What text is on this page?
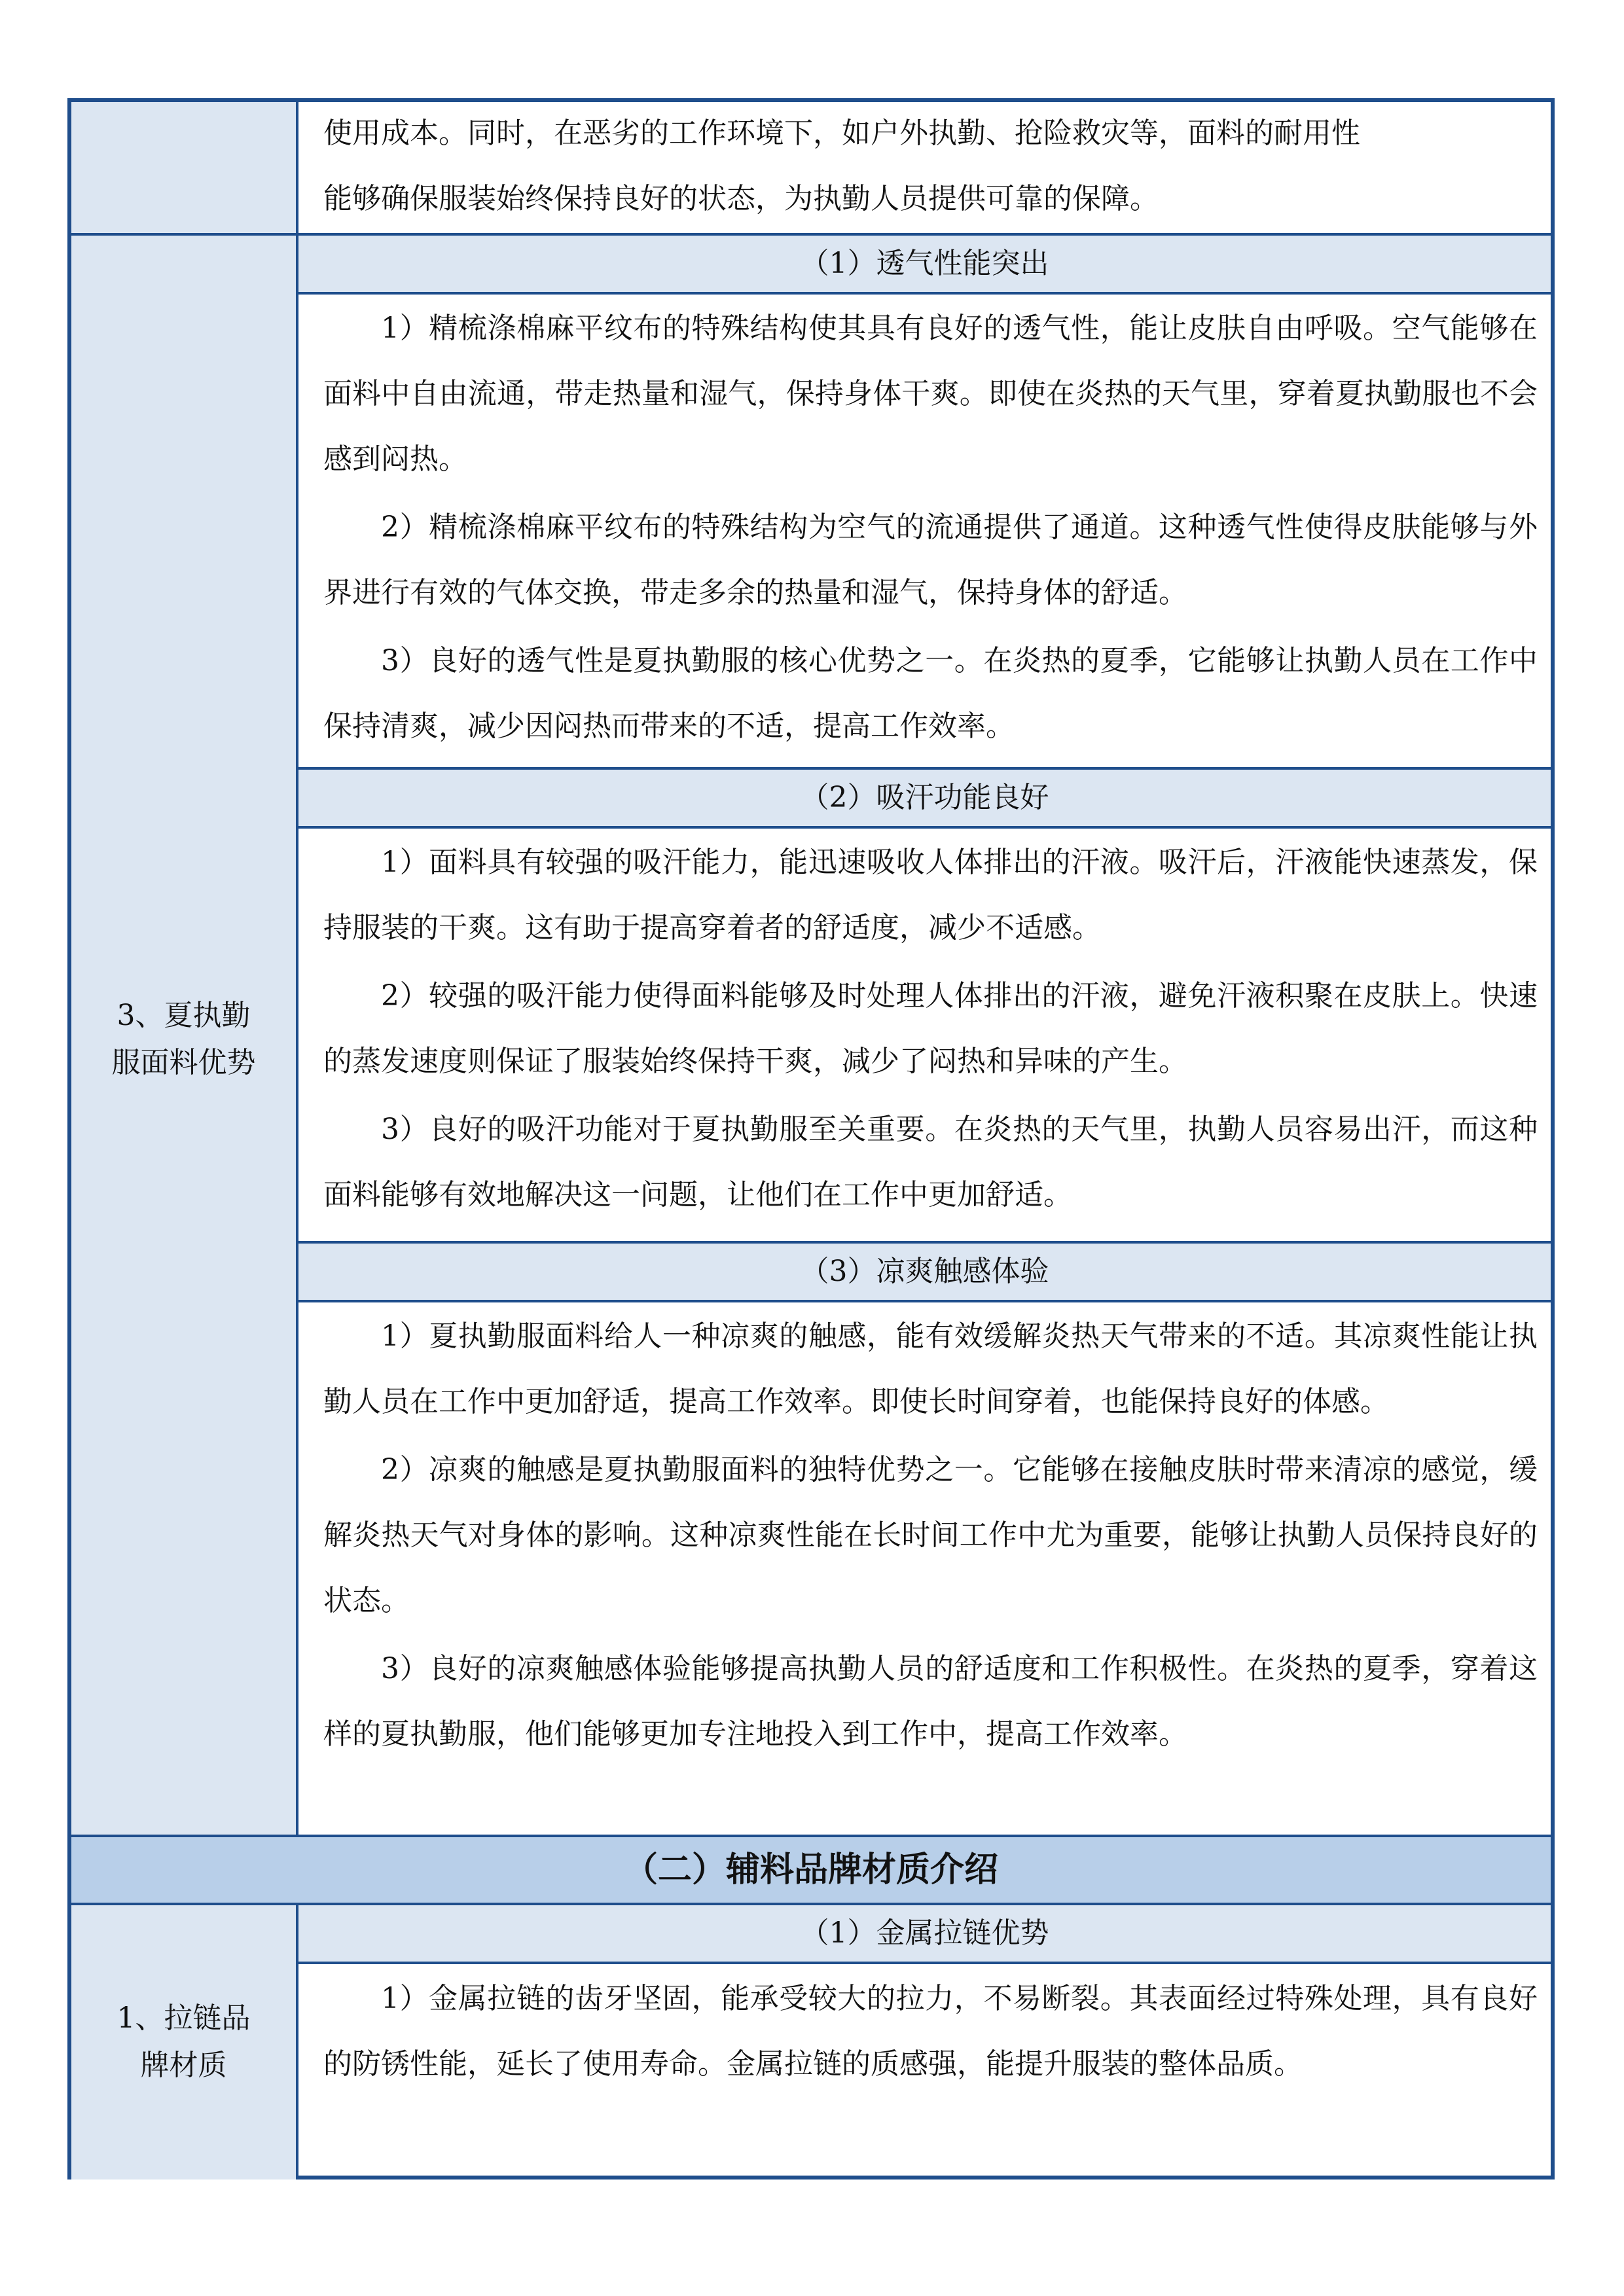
使用成本。同时，在恶劣的工作环境下，如户外执勤、抢险救灾等，面料的耐用性

能够确保服装始终保持良好的状态，为执勤人员提供可靠的保障。

3、夏执勤
服面料优势
（1）透气性能突出

1）精梳涤棉麻平纹布的特殊结构使其具有良好的透气性，能让皮肤自由呼吸。空气能够在面料中自由流通，带走热量和湿气，保持身体干爽。即使在炎热的天气里，穿着夏执勤服也不会感到闷热。

2）精梳涤棉麻平纹布的特殊结构为空气的流通提供了通道。这种透气性使得皮肤能够与外界进行有效的气体交换，带走多余的热量和湿气，保持身体的舒适。

3）良好的透气性是夏执勤服的核心优势之一。在炎热的夏季，它能够让执勤人员在工作中保持清爽，减少因闷热而带来的不适，提高工作效率。

（2）吸汗功能良好

1）面料具有较强的吸汗能力，能迅速吸收人体排出的汗液。吸汗后，汗液能快速蒸发，保持服装的干爽。这有助于提高穿着者的舒适度，减少不适感。

2）较强的吸汗能力使得面料能够及时处理人体排出的汗液，避免汗液积聚在皮肤上。快速的蒸发速度则保证了服装始终保持干爽，减少了闷热和异味的产生。

3）良好的吸汗功能对于夏执勤服至关重要。在炎热的天气里，执勤人员容易出汗，而这种面料能够有效地解决这一问题，让他们在工作中更加舒适。

（3）凉爽触感体验

1）夏执勤服面料给人一种凉爽的触感，能有效缓解炎热天气带来的不适。其凉爽性能让执勤人员在工作中更加舒适，提高工作效率。即使长时间穿着，也能保持良好的体感。

2）凉爽的触感是夏执勤服面料的独特优势之一。它能够在接触皮肤时带来清凉的感觉，缓解炎热天气对身体的影响。这种凉爽性能在长时间工作中尤为重要，能够让执勤人员保持良好的状态。

3）良好的凉爽触感体验能够提高执勤人员的舒适度和工作积极性。在炎热的夏季，穿着这样的夏执勤服，他们能够更加专注地投入到工作中，提高工作效率。

（二）辅料品牌材质介绍
1、拉链品
牌材质
（1）金属拉链优势

1）金属拉链的齿牙坚固，能承受较大的拉力，不易断裂。其表面经过特殊处理，具有良好的防锈性能，延长了使用寿命。金属拉链的质感强，能提升服装的整体品质。
